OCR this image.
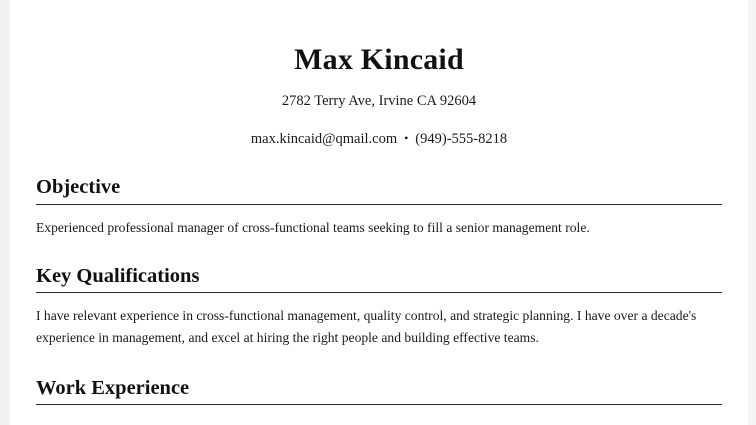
Max Kincaid
2782 Terry Ave, Irvine CA 92604
max.kincaid@qmail.com • (949)-555-8218
Objective
Experienced professional manager of cross-functional teams seeking to fill a senior management role.
Key Qualifications
I have relevant experience in cross-functional management, quality control, and strategic planning. I have over a decade's experience in management, and excel at hiring the right people and building effective teams.
Work Experience
